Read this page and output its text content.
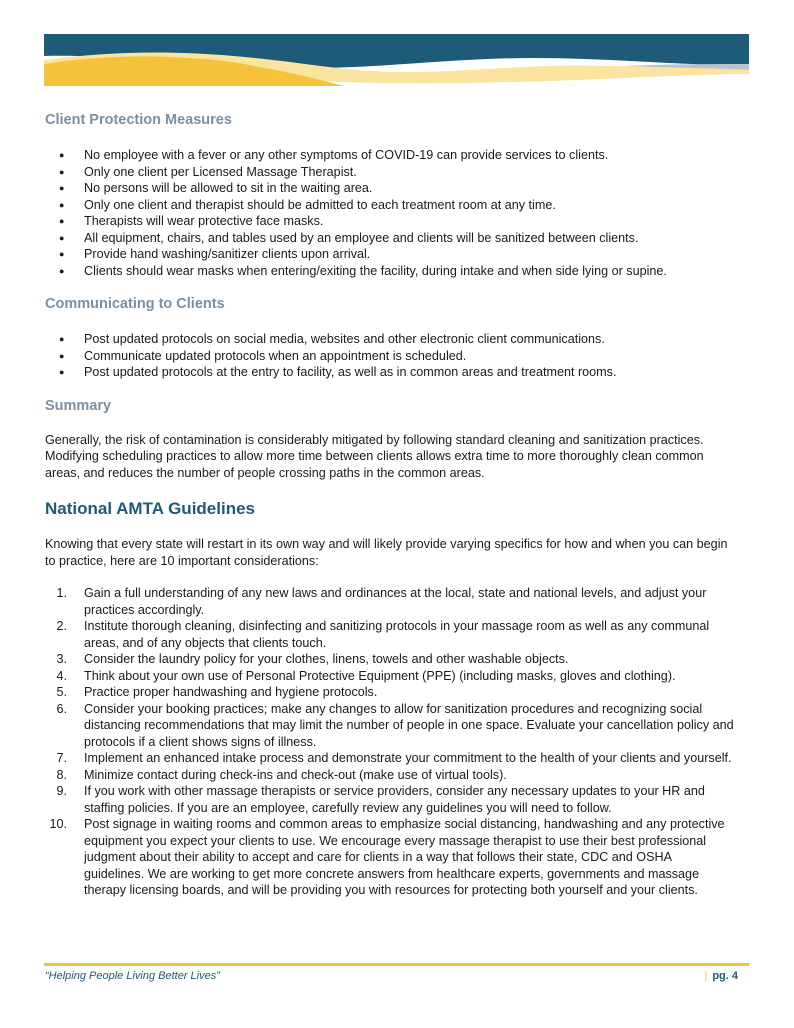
Client Protection Measures
● No employee with a fever or any other symptoms of COVID-19 can provide services to clients.
● Only one client per Licensed Massage Therapist.
● No persons will be allowed to sit in the waiting area.
● Only one client and therapist should be admitted to each treatment room at any time.
● Therapists will wear protective face masks.
● All equipment, chairs, and tables used by an employee and clients will be sanitized between clients.
● Provide hand washing/sanitizer clients upon arrival.
● Clients should wear masks when entering/exiting the facility, during intake and when side lying or supine.
Communicating to Clients
● Post updated protocols on social media, websites and other electronic client communications.
● Communicate updated protocols when an appointment is scheduled.
● Post updated protocols at the entry to facility, as well as in common areas and treatment rooms.
Summary

Generally, the risk of contamination is considerably mitigated by following standard cleaning and sanitization practices. Modifying scheduling practices to allow more time between clients allows extra time to more thoroughly clean common areas, and reduces the number of people crossing paths in the common areas.

National AMTA Guidelines

Knowing that every state will restart in its own way and will likely provide varying specifics for how and when you can begin to practice, here are 10 important considerations:

1. Gain a full understanding of any new laws and ordinances at the local, state and national levels, and adjust your practices accordingly.
2. Institute thorough cleaning, disinfecting and sanitizing protocols in your massage room as well as any communal areas, and of any objects that clients touch.
3. Consider the laundry policy for your clothes, linens, towels and other washable objects.
4. Think about your own use of Personal Protective Equipment (PPE) (including masks, gloves and clothing).
5. Practice proper handwashing and hygiene protocols.
6. Consider your booking practices; make any changes to allow for sanitization procedures and recognizing social distancing recommendations that may limit the number of people in one space. Evaluate your cancellation policy and protocols if a client shows signs of illness.
7. Implement an enhanced intake process and demonstrate your commitment to the health of your clients and yourself.
8. Minimize contact during check-ins and check-out (make use of virtual tools).
9. If you work with other massage therapists or service providers, consider any necessary updates to your HR and staffing policies. If you are an employee, carefully review any guidelines you will need to follow.
10. Post signage in waiting rooms and common areas to emphasize social distancing, handwashing and any protective equipment you expect your clients to use. We encourage every massage therapist to use their best professional judgment about their ability to accept and care for clients in a way that follows their state, CDC and OSHA guidelines. We are working to get more concrete answers from healthcare experts, governments and massage therapy licensing boards, and will be providing you with resources for protecting both yourself and your clients.
“Helping People Living Better Lives”	| pg. 4
